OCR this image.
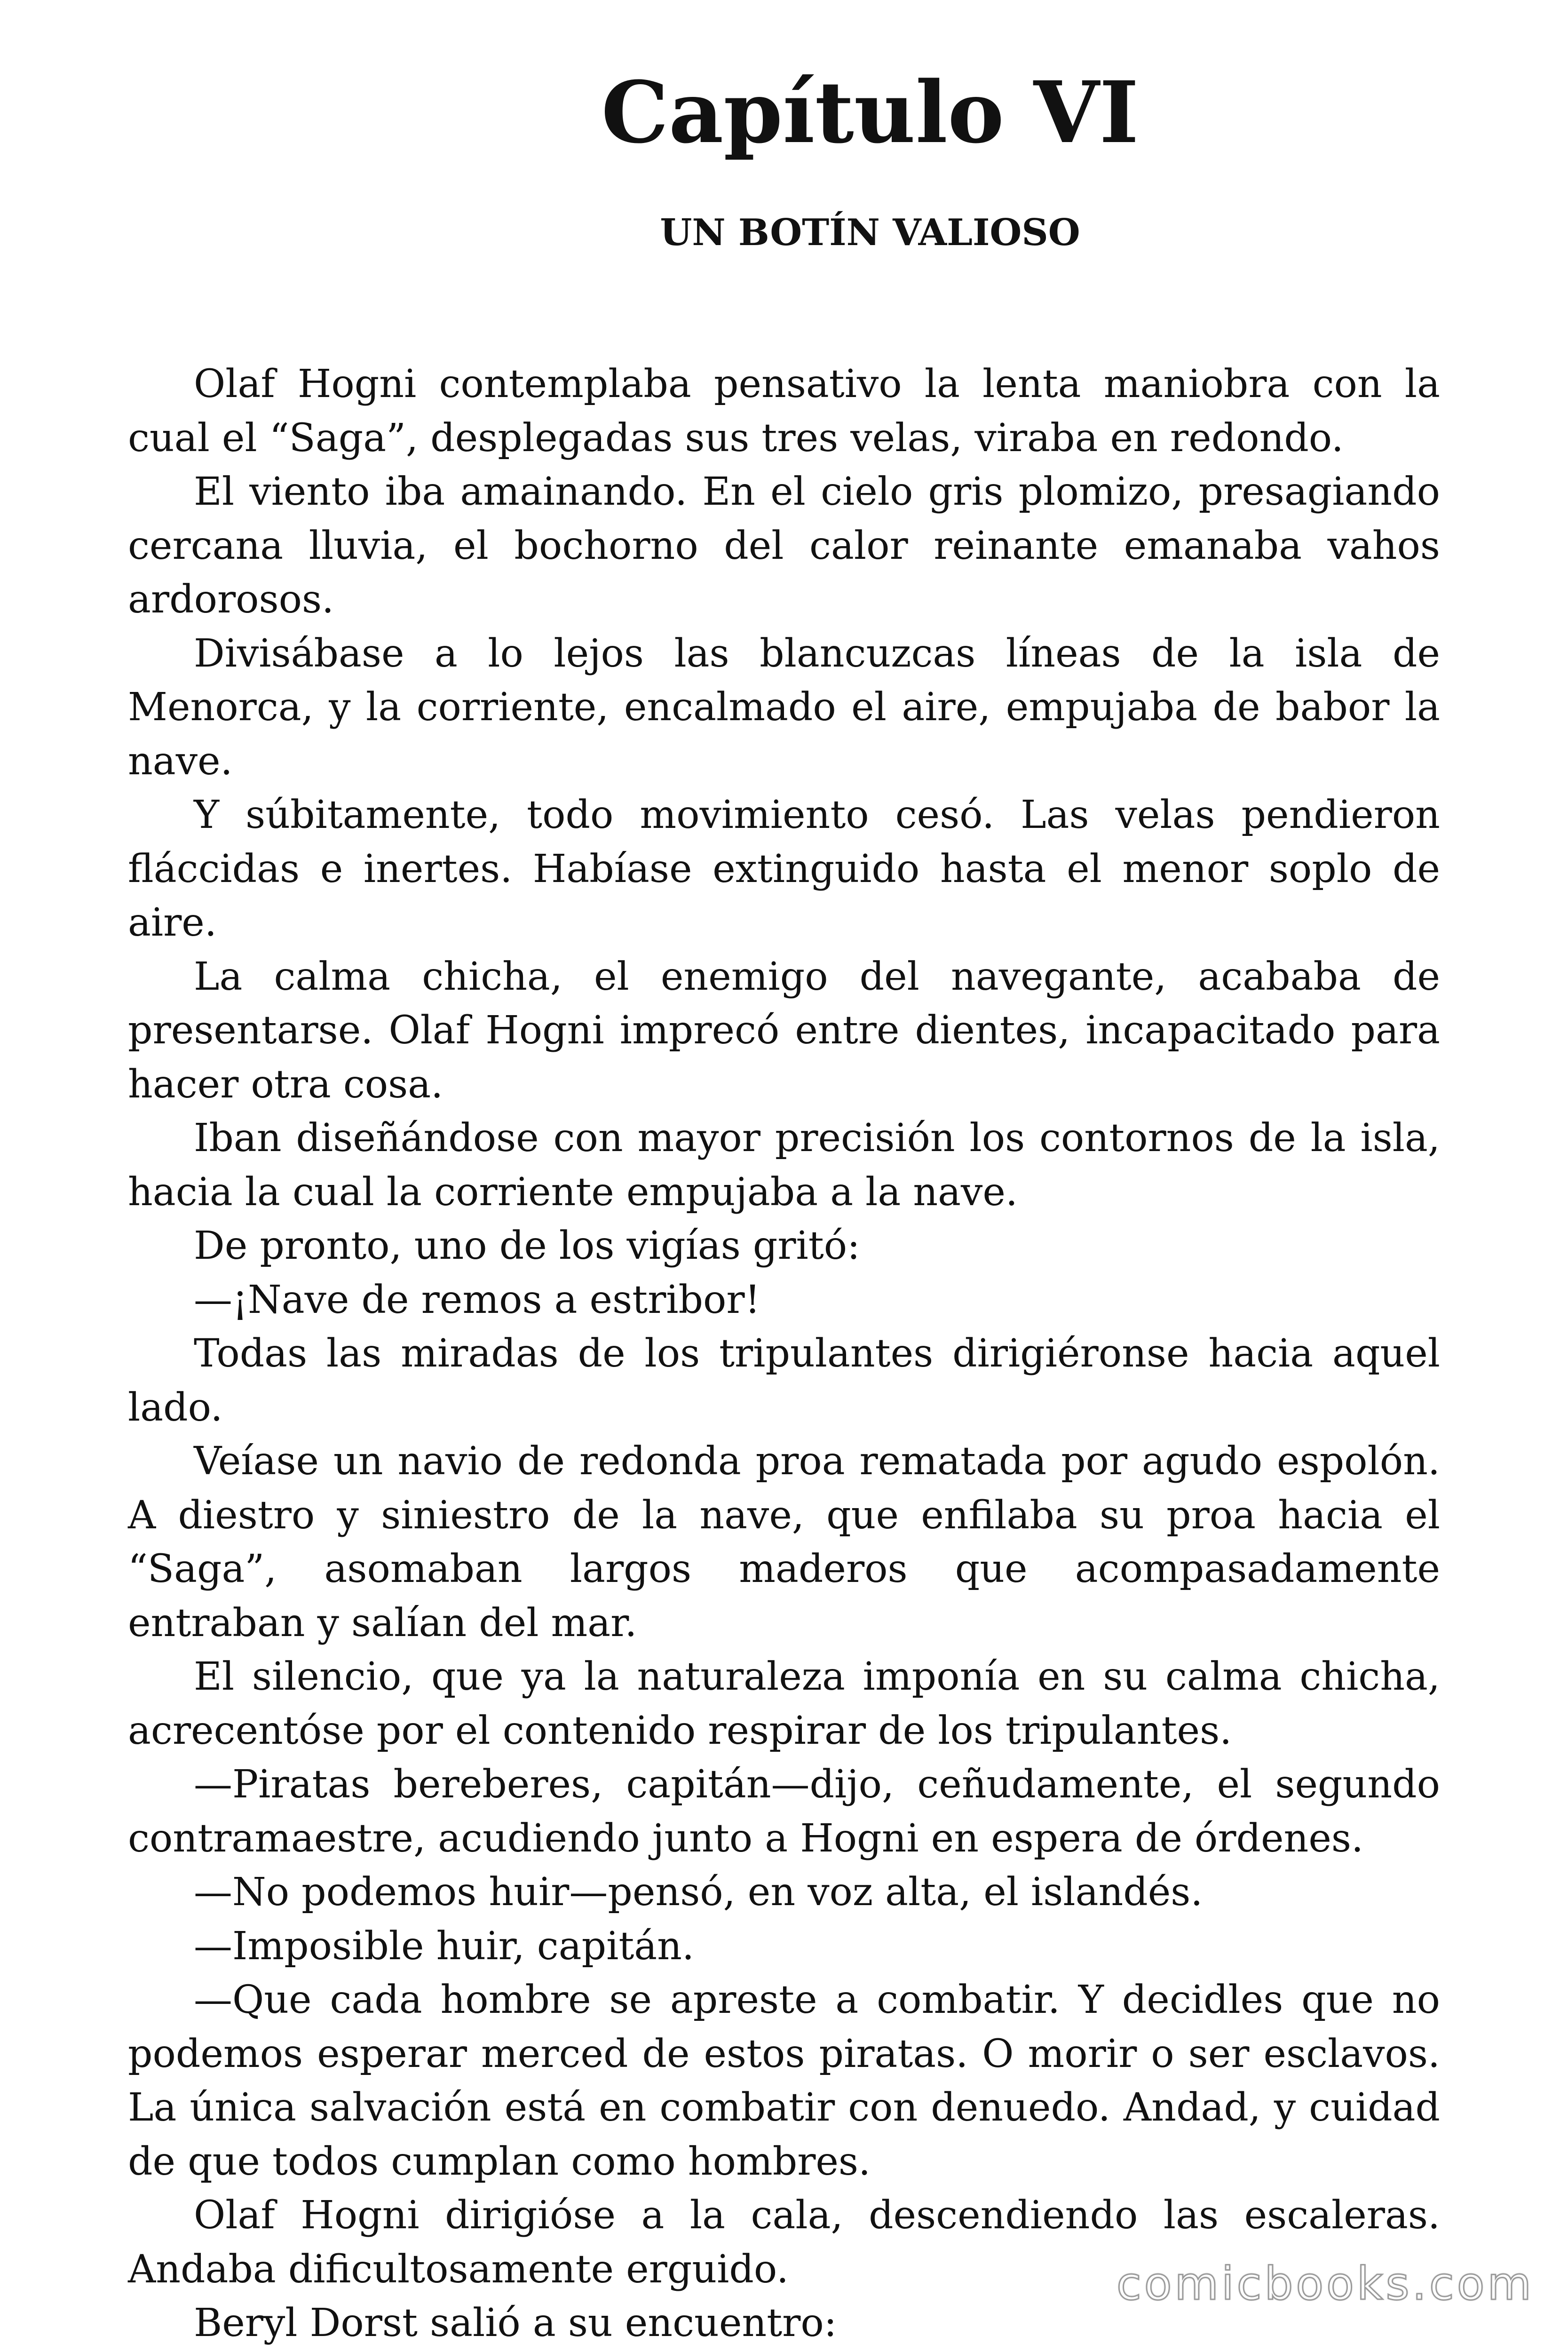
Capítulo VI
UN BOTÍN VALIOSO

Olaf Hogni contemplaba pensativo la lenta maniobra con la cual el “Saga”, desplegadas sus tres velas, viraba en redondo.

El viento iba amainando. En el cielo gris plomizo, presagiando cercana lluvia, el bochorno del calor reinante emanaba vahos ardorosos.

Divisábase a lo lejos las blancuzcas líneas de la isla de Menorca, y la corriente, encalmado el aire, empujaba de babor la nave.

Y súbitamente, todo movimiento cesó. Las velas pendieron fláccidas e inertes. Habíase extinguido hasta el menor soplo de aire.

La calma chicha, el enemigo del navegante, acababa de presentarse. Olaf Hogni imprecó entre dientes, incapacitado para hacer otra cosa.

Iban diseñándose con mayor precisión los contornos de la isla, hacia la cual la corriente empujaba a la nave.

De pronto, uno de los vigías gritó:

—¡Nave de remos a estribor!

Todas las miradas de los tripulantes dirigiéronse hacia aquel lado.

Veíase un navio de redonda proa rematada por agudo espolón. A diestro y siniestro de la nave, que enfilaba su proa hacia el “Saga”, asomaban largos maderos que acompasadamente entraban y salían del mar.

El silencio, que ya la naturaleza imponía en su calma chicha, acrecentóse por el contenido respirar de los tripulantes.

—Piratas bereberes, capitán—dijo, ceñudamente, el segundo contramaestre, acudiendo junto a Hogni en espera de órdenes.

—No podemos huir—pensó, en voz alta, el islandés.

—Imposible huir, capitán.

—Que cada hombre se apreste a combatir. Y decidles que no podemos esperar merced de estos piratas. O morir o ser esclavos. La única salvación está en combatir con denuedo. Andad, y cuidad de que todos cumplan como hombres.

Olaf Hogni dirigióse a la cala, descendiendo las escaleras. Andaba dificultosamente erguido.

Beryl Dorst salió a su encuentro:

comicbooks.com
